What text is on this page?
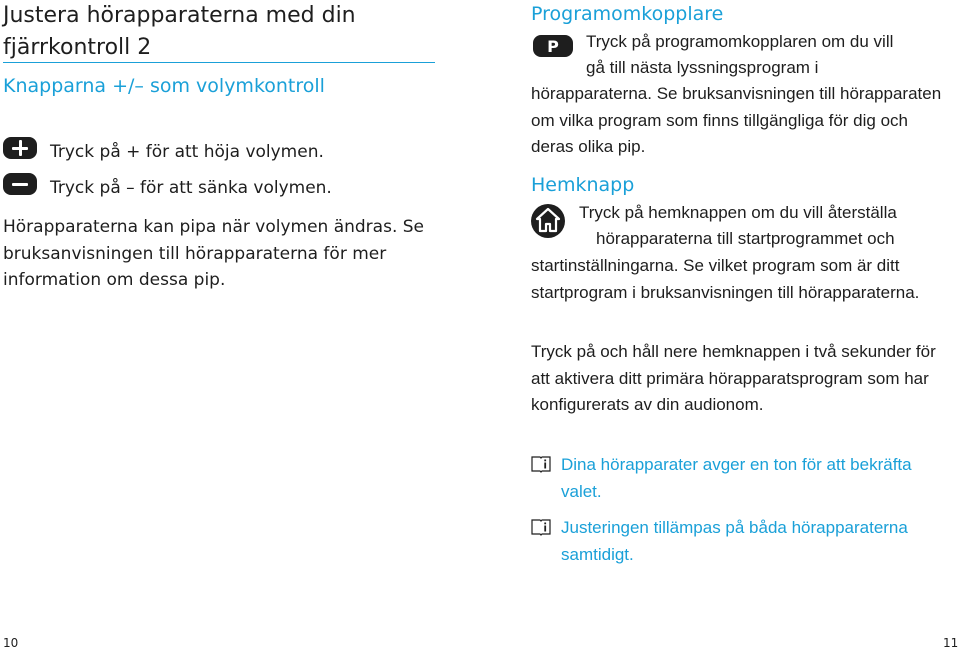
Justera hörapparaterna med din fjärrkontroll 2
Knapparna +/– som volymkontroll
Tryck på + för att höja volymen.
Tryck på – för att sänka volymen.
Hörapparaterna kan pipa när volymen ändras. Se bruksanvisningen till hörapparaterna för mer information om dessa pip.
10
Programomkopplare
P	Tryck på programomkopplaren om du vill
gå till nästa lyssningsprogram i
hörapparaterna. Se bruksanvisningen till hörapparaten om vilka program som finns tillgängliga för dig och deras olika pip.
Hemknapp
Tryck på hemknappen om du vill återställa
hörapparaterna till startprogrammet och
startinställningarna. Se vilket program som är ditt startprogram i bruksanvisningen till hörapparaterna.
Tryck på och håll nere hemknappen i två sekunder för att aktivera ditt primära hörapparatsprogram som har konfigurerats av din audionom.
Dina hörapparater avger en ton för att bekräfta valet.
Justeringen tillämpas på båda hörapparaterna samtidigt.
11
